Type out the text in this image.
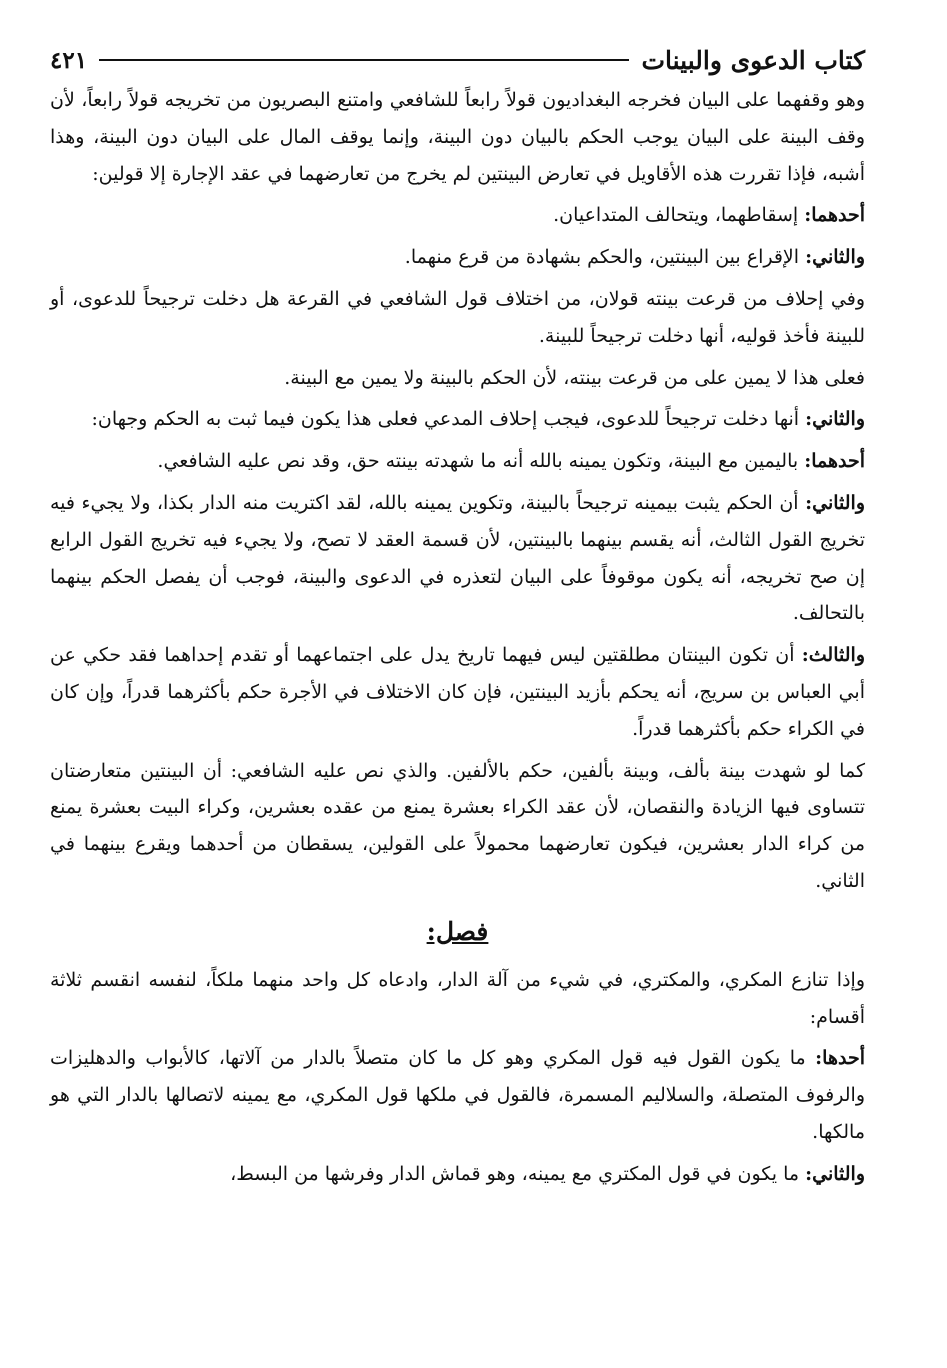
كتاب الدعوى والبينات
٤٢١

وهو وقفهما على البيان فخرجه البغداديون قولاً رابعاً للشافعي وامتنع البصريون من تخريجه قولاً رابعاً، لأن وقف البينة على البيان يوجب الحكم بالبيان دون البينة، وإنما يوقف المال على البيان دون البينة، وهذا أشبه، فإذا تقررت هذه الأقاويل في تعارض البينتين لم يخرج من تعارضهما في عقد الإجارة إلا قولين:

أحدهما: إسقاطهما، ويتحالف المتداعيان.

والثاني: الإقراع بين البينتين، والحكم بشهادة من قرع منهما.

وفي إحلاف من قرعت بينته قولان، من اختلاف قول الشافعي في القرعة هل دخلت ترجيحاً للدعوى، أو للبينة فأخذ قوليه، أنها دخلت ترجيحاً للبينة.

فعلى هذا لا يمين على من قرعت بينته، لأن الحكم بالبينة ولا يمين مع البينة.

والثاني: أنها دخلت ترجيحاً للدعوى، فيجب إحلاف المدعي فعلى هذا يكون فيما ثبت به الحكم وجهان:

أحدهما: باليمين مع البينة، وتكون يمينه بالله أنه ما شهدته بينته حق، وقد نص عليه الشافعي.

والثاني: أن الحكم يثبت بيمينه ترجيحاً بالبينة، وتكوين يمينه بالله، لقد اكتريت منه الدار بكذا، ولا يجيء فيه تخريج القول الثالث، أنه يقسم بينهما بالبينتين، لأن قسمة العقد لا تصح، ولا يجيء فيه تخريج القول الرابع إن صح تخريجه، أنه يكون موقوفاً على البيان لتعذره في الدعوى والبينة، فوجب أن يفصل الحكم بينهما بالتحالف.

والثالث: أن تكون البينتان مطلقتين ليس فيهما تاريخ يدل على اجتماعهما أو تقدم إحداهما فقد حكي عن أبي العباس بن سريج، أنه يحكم بأزيد البينتين، فإن كان الاختلاف في الأجرة حكم بأكثرهما قدراً، وإن كان في الكراء حكم بأكثرهما قدراً.

كما لو شهدت بينة بألف، وبينة بألفين، حكم بالألفين. والذي نص عليه الشافعي: أن البينتين متعارضتان تتساوى فيها الزيادة والنقصان، لأن عقد الكراء بعشرة يمنع من عقده بعشرين، وكراء البيت بعشرة يمنع من كراء الدار بعشرين، فيكون تعارضهما محمولاً على القولين، يسقطان من أحدهما ويقرع بينهما في الثاني.

فصل:

وإذا تنازع المكري، والمكتري، في شيء من آلة الدار، وادعاه كل واحد منهما ملكاً، لنفسه انقسم ثلاثة أقسام:

أحدها: ما يكون القول فيه قول المكري وهو كل ما كان متصلاً بالدار من آلاتها، كالأبواب والدهليزات والرفوف المتصلة، والسلاليم المسمرة، فالقول في ملكها قول المكري، مع يمينه لاتصالها بالدار التي هو مالكها.

والثاني: ما يكون في قول المكتري مع يمينه، وهو قماش الدار وفرشها من البسط،
